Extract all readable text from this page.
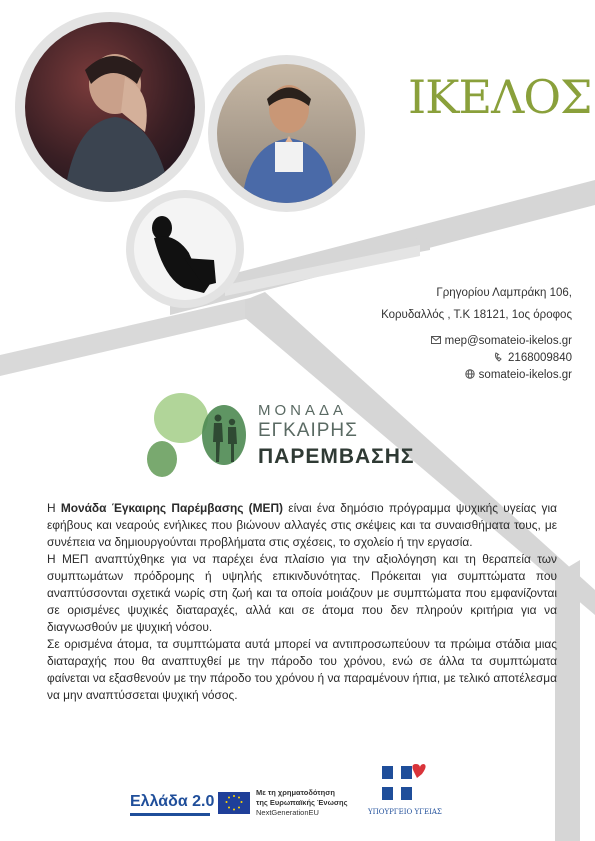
ΙΚΕΛΟΣ
Γρηγορίου Λαμπράκη 106,
Κορυδαλλός , Τ.Κ 18121, 1ος όροφος
mep@somateio-ikelos.gr
2168009840
somateio-ikelos.gr
ΜΟΝΑΔΑ
ΕΓΚΑΙΡΗΣ
ΠΑΡΕΜΒΑΣΗΣ

Η Μονάδα Έγκαιρης Παρέμβασης (ΜΕΠ) είναι ένα δημόσιο πρόγραμμα ψυχικής υγείας για εφήβους και νεαρούς ενήλικες που βιώνουν αλλαγές στις σκέψεις και τα συναισθήματα τους, με συνέπεια να δημιουργούνται προβλήματα στις σχέσεις, το σχολείο ή την εργασία.

Η ΜΕΠ αναπτύχθηκε για να παρέχει ένα πλαίσιο για την αξιολόγηση και τη θεραπεία των συμπτωμάτων πρόδρομης ή υψηλής επικινδυνότητας. Πρόκειται για συμπτώματα που αναπτύσσονται σχετικά νωρίς στη ζωή και τα οποία μοιάζουν με συμπτώματα που εμφανίζονται σε ορισμένες ψυχικές διαταραχές, αλλά και σε άτομα που δεν πληρούν κριτήρια για να διαγνωσθούν με ψυχική νόσου.

Σε ορισμένα άτομα, τα συμπτώματα αυτά μπορεί να αντιπροσωπεύουν τα πρώιμα στάδια μιας διαταραχής που θα αναπτυχθεί με την πάροδο του χρόνου, ενώ σε άλλα τα συμπτώματα φαίνεται να εξασθενούν με την πάροδο του χρόνου ή να παραμένουν ήπια, με τελικό αποτέλεσμα να μην αναπτύσσεται ψυχική νόσος.

Ελλάδα 2.0
Με τη χρηματοδότηση
της Ευρωπαϊκής Ένωσης
NextGenerationEU	ΥΠΟΥΡΓΕΙΟ ΥΓΕΙΑΣ
